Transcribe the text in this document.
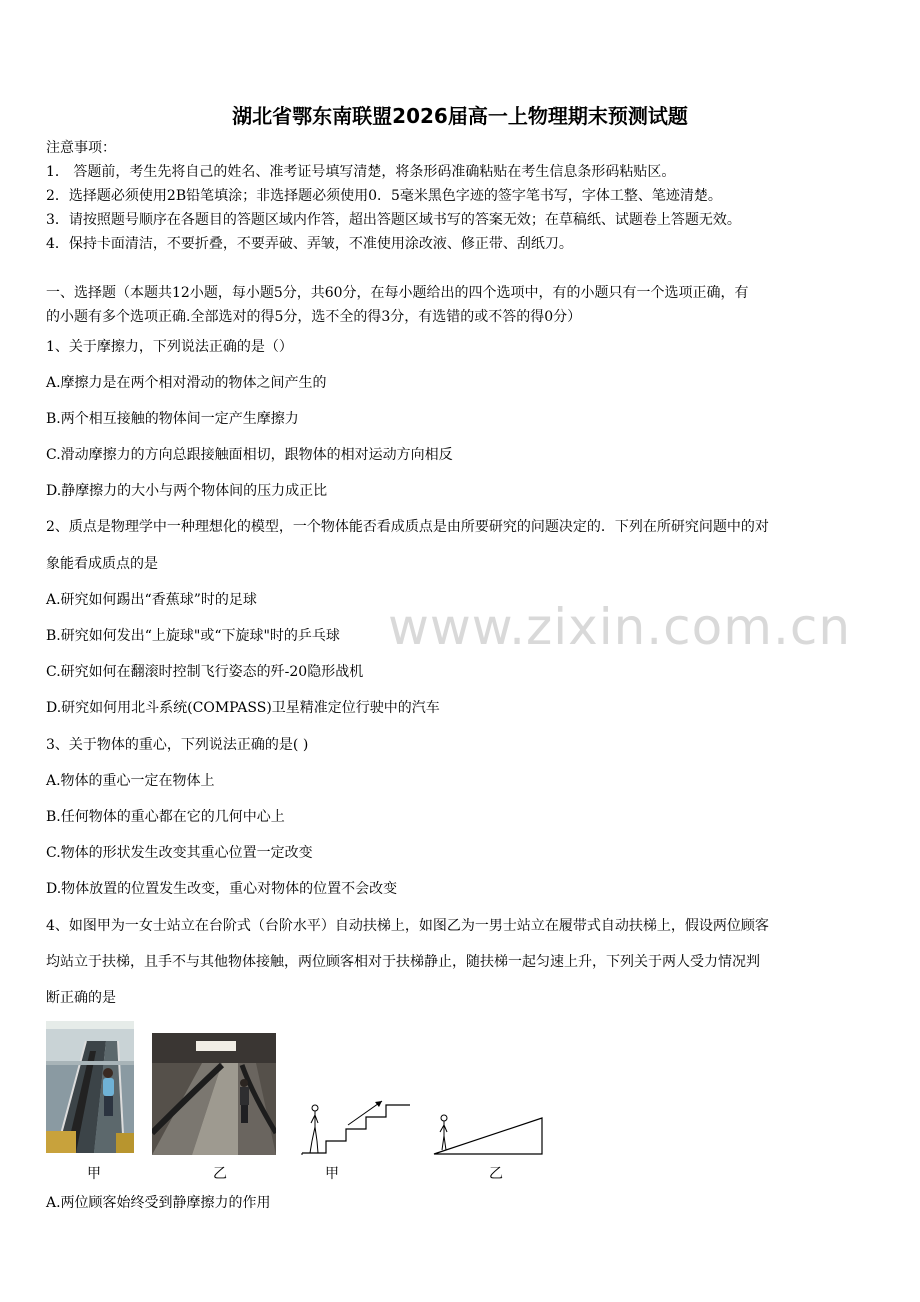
湖北省鄂东南联盟2026届高一上物理期末预测试题
注意事项：
1． 答题前，考生先将自己的姓名、准考证号填写清楚，将条形码准确粘贴在考生信息条形码粘贴区。
2．选择题必须使用2B铅笔填涂；非选择题必须使用0．5毫米黑色字迹的签字笔书写，字体工整、笔迹清楚。
3．请按照题号顺序在各题目的答题区域内作答，超出答题区域书写的答案无效；在草稿纸、试题卷上答题无效。
4．保持卡面清洁，不要折叠，不要弄破、弄皱，不准使用涂改液、修正带、刮纸刀。
一、选择题（本题共12小题，每小题5分，共60分，在每小题给出的四个选项中，有的小题只有一个选项正确，有
的小题有多个选项正确.全部选对的得5分，选不全的得3分，有选错的或不答的得0分）
1、关于摩擦力，下列说法正确的是（）
A.摩擦力是在两个相对滑动的物体之间产生的
B.两个相互接触的物体间一定产生摩擦力
C.滑动摩擦力的方向总跟接触面相切，跟物体的相对运动方向相反
D.静摩擦力的大小与两个物体间的压力成正比
2、质点是物理学中一种理想化的模型，一个物体能否看成质点是由所要研究的问题决定的．下列在所研究问题中的对
象能看成质点的是
A.研究如何踢出“香蕉球”时的足球
B.研究如何发出“上旋球"或“下旋球"时的乒乓球
C.研究如何在翻滚时控制飞行姿态的歼-20隐形战机
D.研究如何用北斗系统(COMPASS)卫星精准定位行驶中的汽车
3、关于物体的重心，下列说法正确的是( )
A.物体的重心一定在物体上
B.任何物体的重心都在它的几何中心上
C.物体的形状发生改变其重心位置一定改变
D.物体放置的位置发生改变，重心对物体的位置不会改变
4、如图甲为一女士站立在台阶式（台阶水平）自动扶梯上，如图乙为一男士站立在履带式自动扶梯上，假设两位顾客
均站立于扶梯，且手不与其他物体接触，两位顾客相对于扶梯静止，随扶梯一起匀速上升，下列关于两人受力情况判
断正确的是
甲	乙	甲	乙
A.两位顾客始终受到静摩擦力的作用
www.zixin.com.cn
